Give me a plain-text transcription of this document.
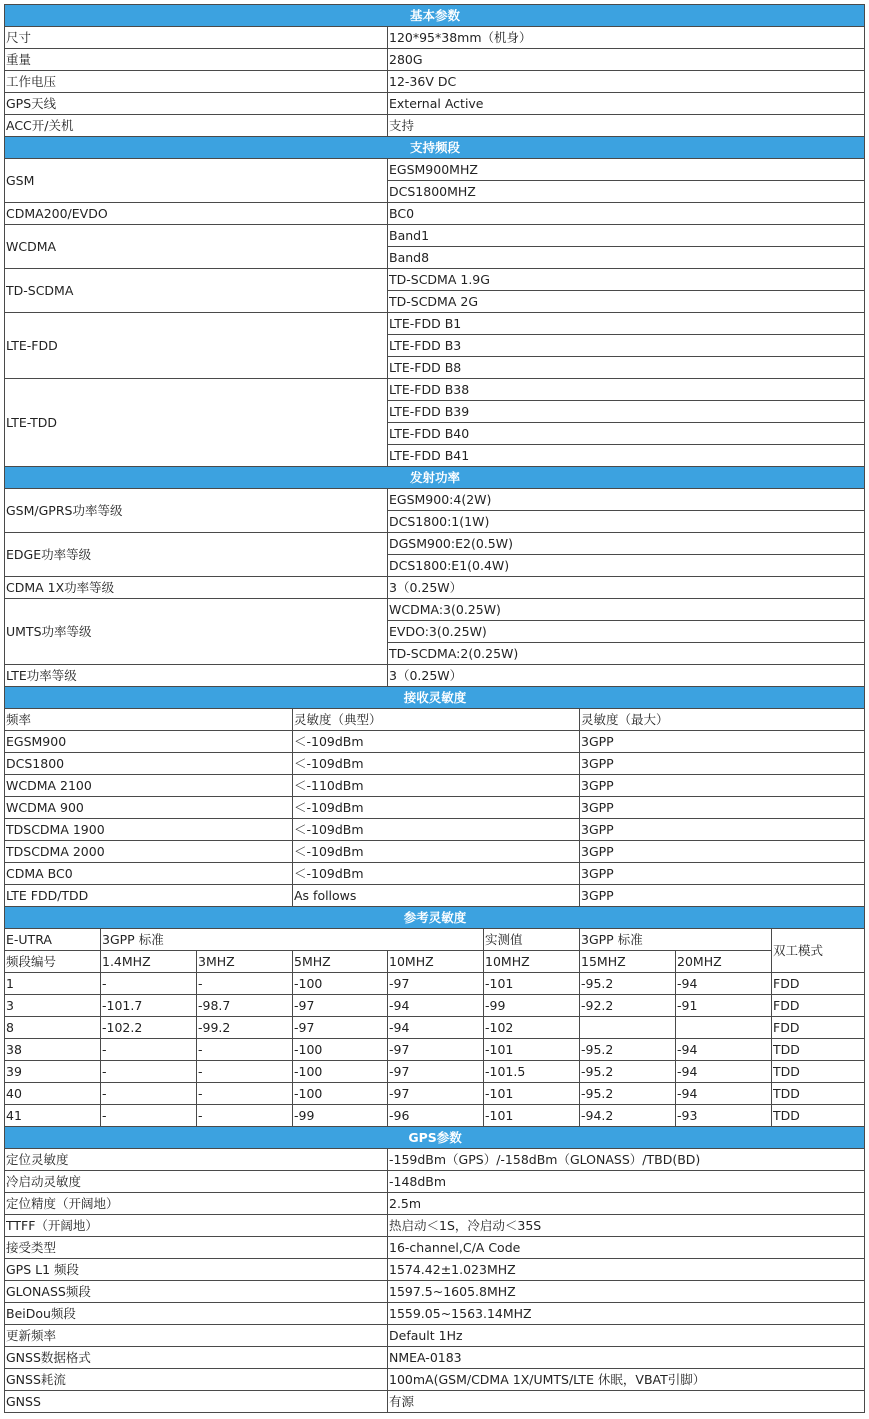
基本参数								
尺寸				120*95*38mm（机身）				
重量				280G				
工作电压				12-36V DC				
GPS天线				External Active				
ACC开/关机				支持				
支持频段								
GSM				EGSM900MHZ				
				DCS1800MHZ				
CDMA200/EVDO				BC0				
WCDMA				Band1				
				Band8				
TD-SCDMA				TD-SCDMA 1.9G				
				TD-SCDMA 2G				
LTE-FDD				LTE-FDD B1				
				LTE-FDD B3				
				LTE-FDD B8				
LTE-TDD				LTE-FDD B38				
				LTE-FDD B39				
				LTE-FDD B40				
				LTE-FDD B41				
发射功率								
GSM/GPRS功率等级				EGSM900:4(2W)				
				DCS1800:1(1W)				
EDGE功率等级				DGSM900:E2(0.5W)				
				DCS1800:E1(0.4W)				
CDMA 1X功率等级				3（0.25W）				
UMTS功率等级				WCDMA:3(0.25W)				
				EVDO:3(0.25W)				
				TD-SCDMA:2(0.25W)				
LTE功率等级				3（0.25W）				
接收灵敏度								
频率			灵敏度（典型）			灵敏度（最大）		
EGSM900			＜-109dBm			3GPP		
DCS1800			＜-109dBm			3GPP		
WCDMA 2100			＜-110dBm			3GPP		
WCDMA 900			＜-109dBm			3GPP		
TDSCDMA 1900			＜-109dBm			3GPP		
TDSCDMA 2000			＜-109dBm			3GPP		
CDMA BC0			＜-109dBm			3GPP		
LTE FDD/TDD			As follows			3GPP		
参考灵敏度								
E-UTRA	3GPP 标准				实测值	3GPP 标准		双工模式
频段编号	1.4MHZ	3MHZ	5MHZ	10MHZ	10MHZ	15MHZ	20MHZ	
1	-	-	-100	-97	-101	-95.2	-94	FDD
3	-101.7	-98.7	-97	-94	-99	-92.2	-91	FDD
8	-102.2	-99.2	-97	-94	-102			FDD
38	-	-	-100	-97	-101	-95.2	-94	TDD
39	-	-	-100	-97	-101.5	-95.2	-94	TDD
40	-	-	-100	-97	-101	-95.2	-94	TDD
41	-	-	-99	-96	-101	-94.2	-93	TDD
GPS参数								
定位灵敏度				-159dBm（GPS）/-158dBm（GLONASS）/TBD(BD)				
冷启动灵敏度				-148dBm				
定位精度（开阔地）				2.5m				
TTFF（开阔地）				热启动＜1S，冷启动＜35S				
接受类型				16-channel,C/A Code				
GPS L1 频段				1574.42±1.023MHZ				
GLONASS频段				1597.5~1605.8MHZ				
BeiDou频段				1559.05~1563.14MHZ				
更新频率				Default 1Hz				
GNSS数据格式				NMEA-0183				
GNSS耗流				100mA(GSM/CDMA 1X/UMTS/LTE 休眠，VBAT引脚）				
GNSS				有源				
